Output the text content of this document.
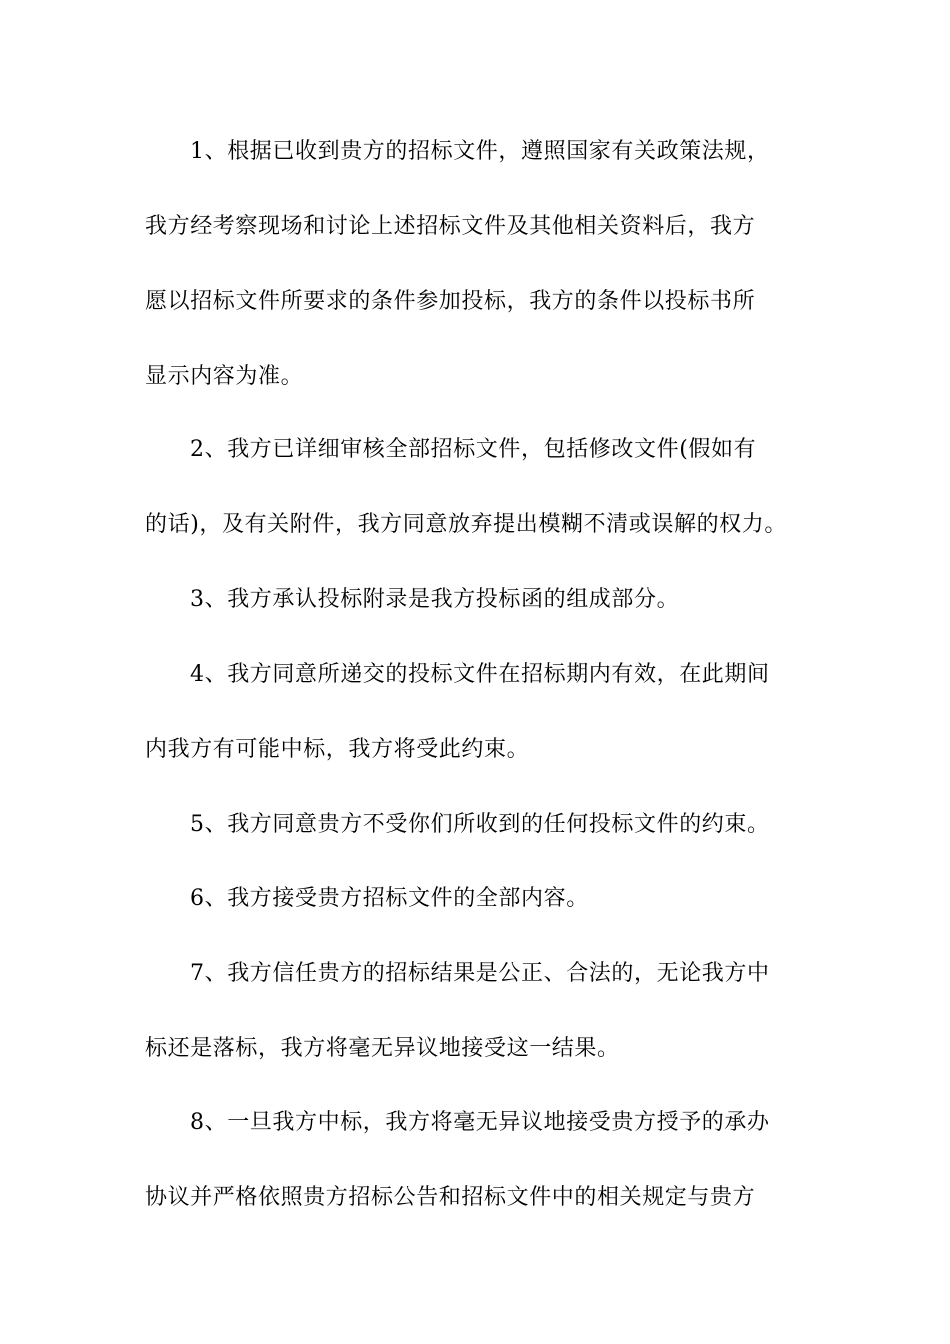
1、根据已收到贵方的招标文件，遵照国家有关政策法规，
我方经考察现场和讨论上述招标文件及其他相关资料后，我方
愿以招标文件所要求的条件参加投标，我方的条件以投标书所
显示内容为准。
2、我方已详细审核全部招标文件，包括修改文件(假如有
的话)，及有关附件，我方同意放弃提出模糊不清或误解的权力。
3、我方承认投标附录是我方投标函的组成部分。
4、我方同意所递交的投标文件在招标期内有效，在此期间
内我方有可能中标，我方将受此约束。
5、我方同意贵方不受你们所收到的任何投标文件的约束。
6、我方接受贵方招标文件的全部内容。
7、我方信任贵方的招标结果是公正、合法的，无论我方中
标还是落标，我方将毫无异议地接受这一结果。
8、一旦我方中标，我方将毫无异议地接受贵方授予的承办
协议并严格依照贵方招标公告和招标文件中的相关规定与贵方
